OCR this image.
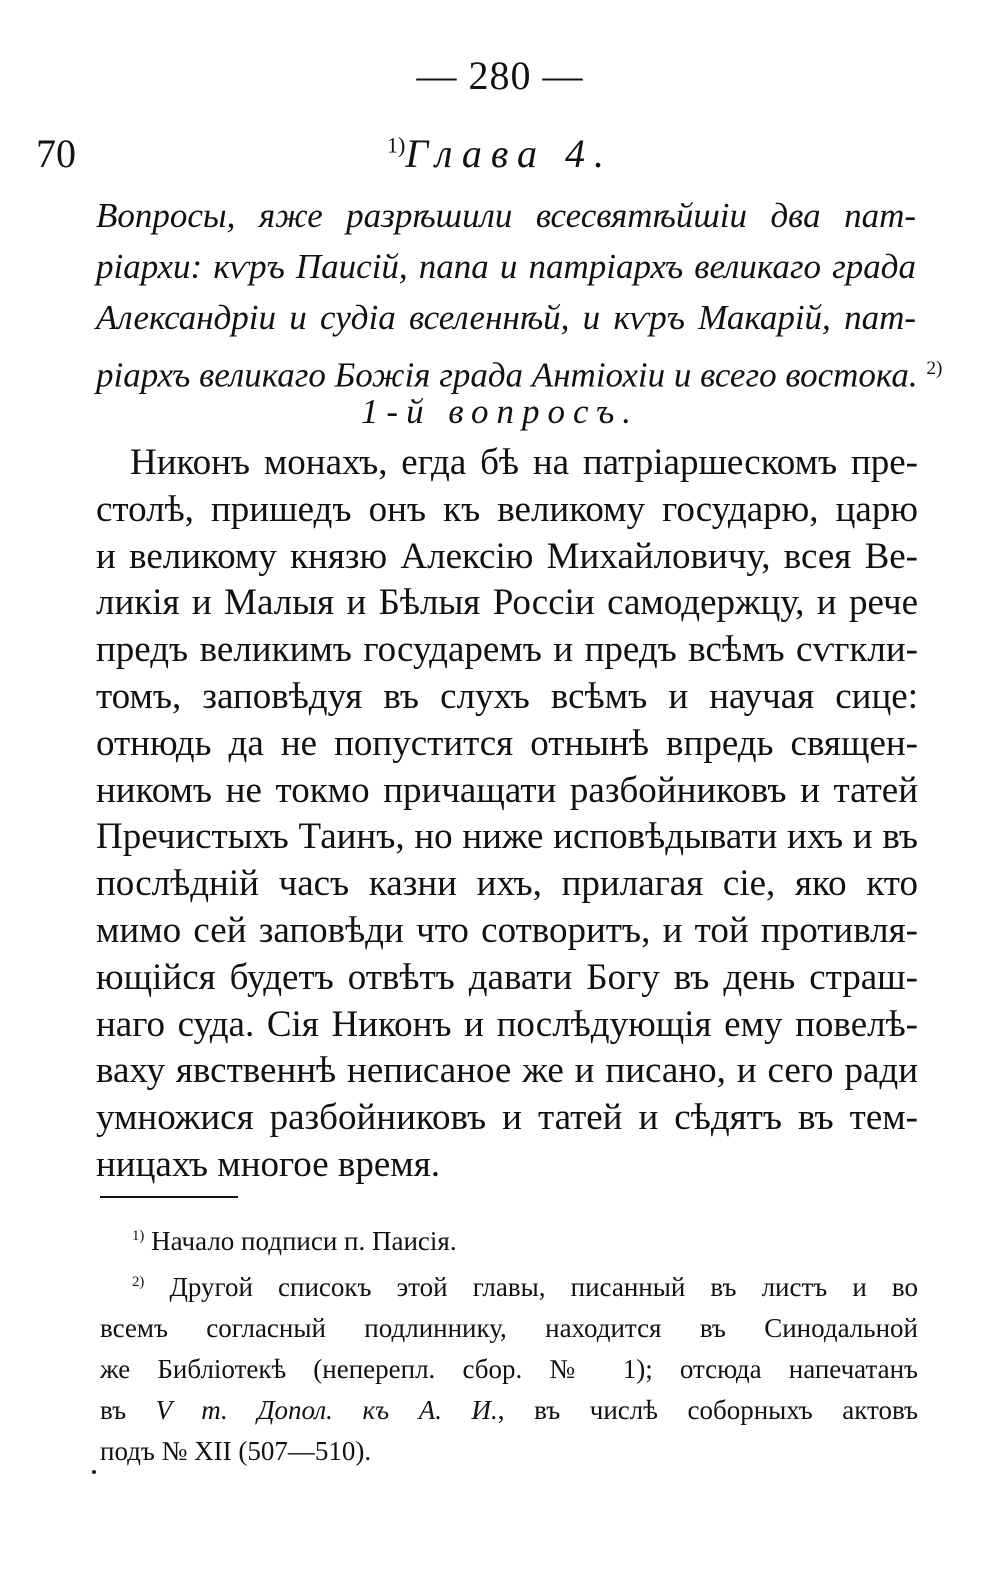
— 280 —
70	$^{1)}$Глава 4.
Вопросы, яже разрѣшили всесвятѣйшіи два пат-
ріархи: кѵръ Паисій, папа и патріархъ великаго града
Александріи и судіа вселеннѣй, и кѵръ Макарій, пат-
ріархъ великаго Божія града Антіохіи и всего востока. $^{2)}$
1-й вопросъ.
Никонъ монахъ, егда бѣ на патріаршескомъ пре-
столѣ, пришедъ онъ къ великому государю, царю
и великому князю Алексію Михайловичу, всея Ве-
ликія и Малыя и Бѣлыя Россіи самодержцу, и рече
предъ великимъ государемъ и предъ всѣмъ сѵгкли-
томъ, заповѣдуя въ слухъ всѣмъ и научая сице:
отнюдь да не попустится отнынѣ впредь священ-
никомъ не токмо причащати разбойниковъ и татей
Пречистыхъ Таинъ, но ниже исповѣдывати ихъ и въ
послѣдній часъ казни ихъ, прилагая сіе, яко кто
мимо сей заповѣди что сотворитъ, и той противля-
ющійся будетъ отвѣтъ давати Богу въ день страш-
наго суда. Сія Никонъ и послѣдующія ему повелѣ-
ваху явственнѣ неписаное же и писано, и сего ради
умножися разбойниковъ и татей и сѣдятъ въ тем-
ницахъ многое время.
$^{1)}$ Начало подписи п. Паисія.
$^{2)}$ Другой списокъ этой главы, писанный въ листъ и во
всемъ согласный подлиннику, находится въ Синодальной
же Библіотекѣ (неперепл. сбор. № 1); отсюда напечатанъ
въ V т. Допол. къ А. И., въ числѣ соборныхъ актовъ
подъ № XII (507—510).
